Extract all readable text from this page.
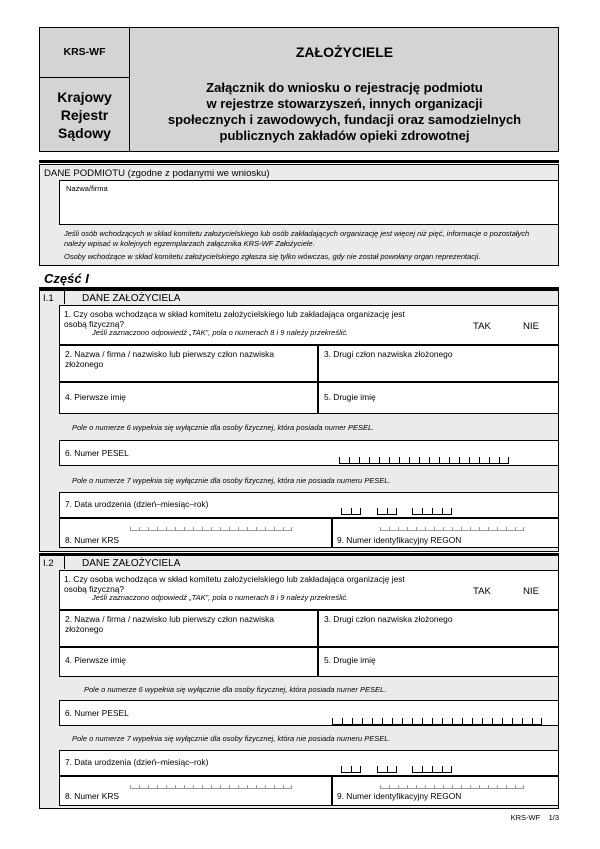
KRS-WF
Krajowy
Rejestr
Sądowy
ZAŁOŻYCIELE
Załącznik do wniosku o rejestrację podmiotu
w rejestrze stowarzyszeń, innych organizacji
społecznych i zawodowych, fundacji oraz samodzielnych
publicznych zakładów opieki zdrowotnej
DANE PODMIOTU (zgodne z podanymi we wniosku)
Nazwa/firma
Jeśli osób wchodzących w skład komitetu założycielskiego lub osób zakładających organizację jest więcej niż pięć, informacje o pozostałych należy wpisać w kolejnych egzemplarzach załącznika KRS-WF Założyciele.
Osoby wchodzące w skład komitetu założycielskiego zgłasza się tylko wówczas, gdy nie został powołany organ reprezentacji.
Część I
I.1	DANE ZAŁOŻYCIELA
1. Czy osoba wchodząca w skład komitetu założycielskiego lub zakładająca organizację jest osobą fizyczną?
Jeśli zaznaczono odpowiedź „TAK”, pola o numerach 8 i 9 należy przekreślić.
TAK	NIE
2. Nazwa / firma / nazwisko lub pierwszy człon nazwiska złożonego
3. Drugi człon nazwiska złożonego
4. Pierwsze imię	5. Drugie imię
Pole o numerze 6 wypełnia się wyłącznie dla osoby fizycznej, która posiada numer PESEL.
6. Numer PESEL
Pole o numerze 7 wypełnia się wyłącznie dla osoby fizycznej, która nie posiada numeru PESEL.
7. Data urodzenia (dzień–miesiąc–rok)
8. Numer KRS	9. Numer identyfikacyjny REGON
I.2	DANE ZAŁOŻYCIELA
1. Czy osoba wchodząca w skład komitetu założycielskiego lub zakładająca organizację jest osobą fizyczną?
Jeśli zaznaczono odpowiedź „TAK”, pola o numerach 8 i 9 należy przekreślić.
TAK	NIE
2. Nazwa / firma / nazwisko lub pierwszy człon nazwiska złożonego
3. Drugi człon nazwiska złożonego
4. Pierwsze imię	5. Drugie imię
Pole o numerze 6 wypełnia się wyłącznie dla osoby fizycznej, która posiada numer PESEL.
6. Numer PESEL
Pole o numerze 7 wypełnia się wyłącznie dla osoby fizycznej, która nie posiada numeru PESEL.
7. Data urodzenia (dzień–miesiąc–rok)
8. Numer KRS	9. Numer identyfikacyjny REGON
KRS-WF 1/3
